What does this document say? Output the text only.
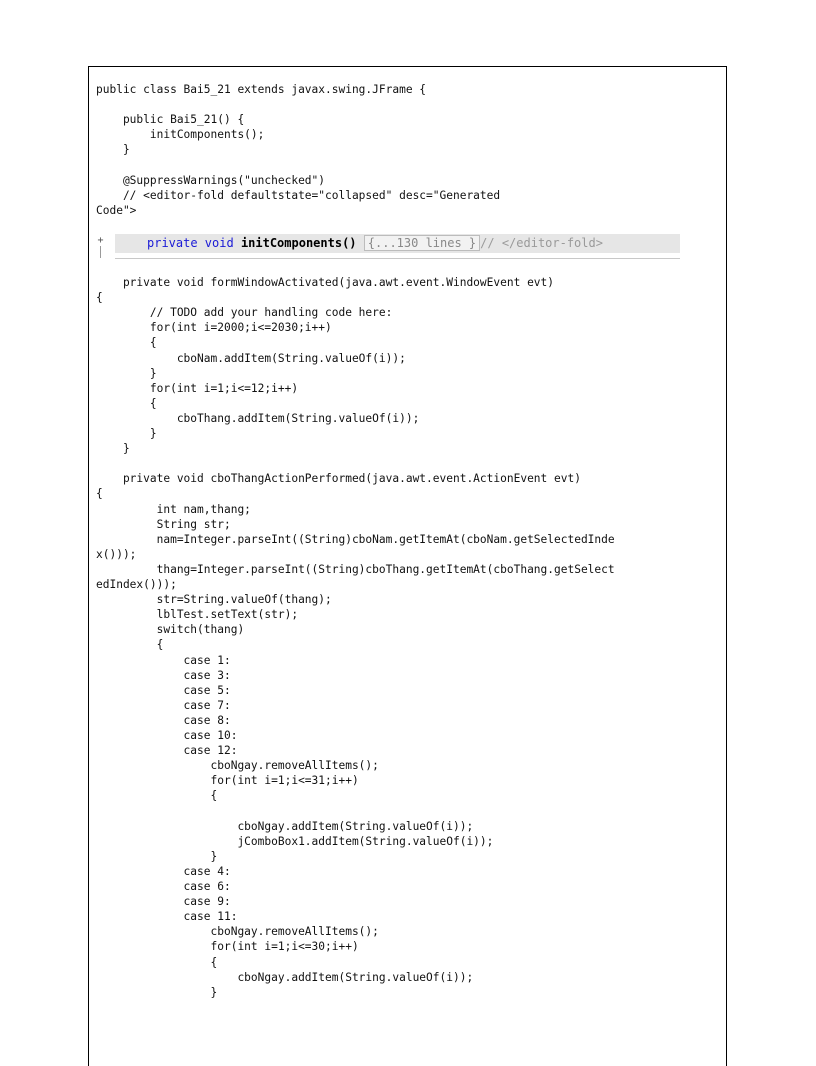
public class Bai5_21 extends javax.swing.JFrame {
public Bai5_21() {
initComponents();
}
@SuppressWarnings("unchecked")
// <editor-fold defaultstate="collapsed" desc="Generated
Code">
+	private void initComponents() {...130 lines } // </editor-fold>
private void formWindowActivated(java.awt.event.WindowEvent evt)
{
// TODO add your handling code here:
for(int i=2000;i<=2030;i++)
{
cboNam.addItem(String.valueOf(i));
}
for(int i=1;i<=12;i++)
{
cboThang.addItem(String.valueOf(i));
}
}
private void cboThangActionPerformed(java.awt.event.ActionEvent evt)
{
int nam,thang;
String str;
nam=Integer.parseInt((String)cboNam.getItemAt(cboNam.getSelectedInde
x()));
thang=Integer.parseInt((String)cboThang.getItemAt(cboThang.getSelect
edIndex()));
str=String.valueOf(thang);
lblTest.setText(str);
switch(thang)
{
case 1:
case 3:
case 5:
case 7:
case 8:
case 10:
case 12:
cboNgay.removeAllItems();
for(int i=1;i<=31;i++)
{
cboNgay.addItem(String.valueOf(i));
jComboBox1.addItem(String.valueOf(i));
}
case 4:
case 6:
case 9:
case 11:
cboNgay.removeAllItems();
for(int i=1;i<=30;i++)
{
cboNgay.addItem(String.valueOf(i));
}
